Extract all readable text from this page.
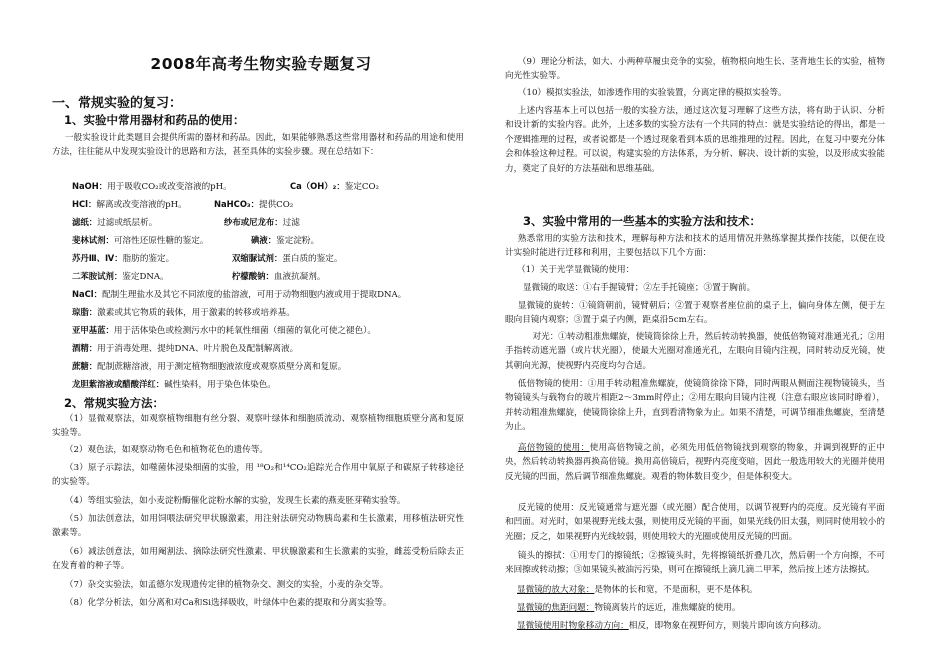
2008年高考生物实验专题复习
一、常规实验的复习：
1、实验中常用器材和药品的使用：

一般实验设计此类题目会提供所需的器材和药品。因此，如果能够熟悉这些常用器材和药品的用途和使用方法，往往能从中发现实验设计的思路和方法，甚至具体的实验步骤。现在总结如下：

NaOH：用于吸收CO₂或改变溶液的pH。	Ca（OH）₂：鉴定CO₂
HCl：解离或改变溶液的pH。	NaHCO₃：提供CO₂
滤纸：过滤或纸层析。	纱布或尼龙布：过滤
斐林试剂：可溶性还原性糖的鉴定。	碘液：鉴定淀粉。
苏丹Ⅲ、Ⅳ：脂肪的鉴定。	双缩脲试剂：蛋白质的鉴定。
二苯胺试剂：鉴定DNA。	柠檬酸钠：血液抗凝剂。
NaCl：配制生理盐水及其它不同浓度的盐溶液，可用于动物细胞内液或用于提取DNA。
琼脂：激素或其它物质的载体，用于激素的转移或培养基。
亚甲基蓝：用于活体染色或检测污水中的耗氧性细菌（细菌的氧化可使之褪色）。
酒精：用于消毒处理、提纯DNA、叶片脱色及配制解离液。
蔗糖：配制蔗糖溶液，用于测定植物细胞液浓度或观察质壁分离和复原。
龙胆紫溶液或醋酸洋红：碱性染料，用于染色体染色。
2、常规实验方法：

（1）显微观察法，如观察植物细胞有丝分裂、观察叶绿体和细胞质流动、观察植物细胞质壁分离和复原实验等。

（2）观色法，如观察动物毛色和植物花色的遗传等。

（3）原子示踪法，如噬菌体浸染细菌的实验，用 ¹⁸O₂和¹⁴CO₂追踪光合作用中氧原子和碳原子转移途径的实验等。

（4）等组实验法，如小麦淀粉酶催化淀粉水解的实验，发现生长素的燕麦胚芽鞘实验等。

（5）加法创意法，如用饲喂法研究甲状腺激素，用注射法研究动物胰岛素和生长激素，用移植法研究性激素等。

（6）减法创意法，如用阉割法、摘除法研究性激素、甲状腺激素和生长激素的实验，雌蕊受粉后除去正在发育着的种子等。

（7）杂交实验法，如孟德尔发现遗传定律的植物杂交、测交的实验，小麦的杂交等。

（8）化学分析法，如分离和对Ca和Si选择吸收，叶绿体中色素的提取和分离实验等。

（9）理论分析法，如大、小两种草履虫竞争的实验，植物根向地生长、茎背地生长的实验，植物向光性实验等。

（10）模拟实验法，如渗透作用的实验装置，分离定律的模拟实验等。

上述内容基本上可以包括一般的实验方法，通过这次复习理解了这些方法，将有助于认识、分析和设计新的实验内容。此外，上述多数的实验方法有一个共同的特点：就是实验结论的得出，都是一个逻辑推理的过程，或者说都是一个透过现象看到本质的思维推理的过程。因此，在复习中要充分体会和体验这种过程。可以说，构建实验的方法体系，为分析、解决、设计新的实验，以及形成实验能力，奠定了良好的方法基础和思维基础。

3、实验中常用的一些基本的实验方法和技术：

熟悉常用的实验方法和技术，理解每种方法和技术的适用情况并熟练掌握其操作技能，以便在设计实验时能进行迁移和利用，主要包括以下几个方面：

（1）关于光学显微镜的使用：

显微镜的取送：①右手握镜臂；②左手托镜座；③置于胸前。

显微镜的旋转：①镜筒朝前，镜臂朝后；②置于观察者座位前的桌子上，偏向身体左侧，便于左眼向目镜内观察；③置于桌子内侧，距桌沿5cm左右。

对光：①转动粗准焦螺旋，使镜筒徐徐上升，然后转动转换器，使低倍物镜对准通光孔；②用手指转动遮光器（或片状光圈），使最大光圈对准通光孔，左眼向目镜内注视，同时转动反光镜，使其朝向光源，使视野内亮度均匀合适。

低倍物镜的使用：①用手转动粗准焦螺旋，使镜筒徐徐下降，同时两眼从侧面注视物镜镜头，当物镜镜头与载物台的玻片相距2～3mm时停止；②用左眼向目镜内注视（注意右眼应该同时睁着），并转动粗准焦螺旋，使镜筒徐徐上升，直到看清物象为止。如果不清楚，可调节细准焦螺旋，至清楚为止。

高倍物镜的使用：使用高倍物镜之前，必须先用低倍物镜找到观察的物象，并调到视野的正中央，然后转动转换器再换高倍镜。换用高倍镜后，视野内亮度变暗，因此一般选用较大的光圈并使用反光镜的凹面，然后调节细准焦螺旋。观看的物体数目变少，但是体积变大。

反光镜的使用：反光镜通常与遮光器（或光圈）配合使用，以调节视野内的亮度。反光镜有平面和凹面。对光时，如果视野光线太强，则使用反光镜的平面，如果光线仍旧太强，则同时使用较小的光圈；反之，如果视野内光线较弱，则使用较大的光圈或使用反光镜的凹面。

镜头的擦拭：①用专门的擦镜纸；②擦镜头时，先将擦镜纸折叠几次，然后朝一个方向擦，不可来回擦或转动擦；③如果镜头被油污污染，则可在擦镜纸上滴几滴二甲苯，然后按上述方法擦拭。

显微镜的放大对象：是物体的长和宽，不是面积，更不是体积。

显微镜的焦距问题：物镜离装片的远近，准焦螺旋的使用。

显微镜使用时物象移动方向：相反，即物象在视野何方，则装片即向该方向移动。
